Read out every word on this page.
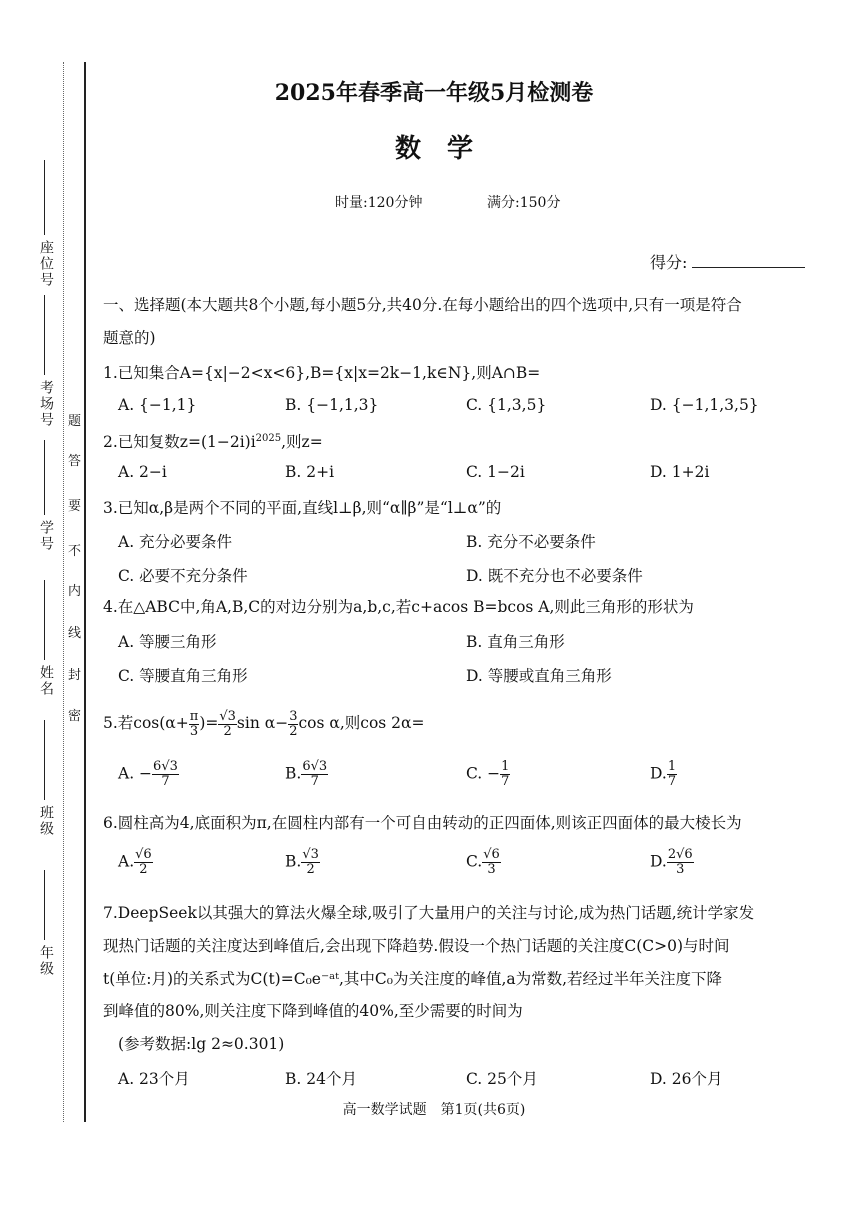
座位号
考场号
学号
姓名
班级
年级
题
答
要
不
内
线
封
密
2025年春季高一年级5月检测卷
数　学
时量:120分钟	满分:150分
得分:
一、选择题(本大题共8个小题,每小题5分,共40分.在每小题给出的四个选项中,只有一项是符合
题意的)
1.已知集合A={x|−2<x<6},B={x|x=2k−1,k∈N},则A∩B=
A. {−1,1}	B. {−1,1,3}	C. {1,3,5}	D. {−1,1,3,5}
2.已知复数$z=(1-2i)i^{2025}$,则z=
A. 2−i	B. 2+i	C. 1−2i	D. 1+2i
3.已知α,β是两个不同的平面,直线l⊥β,则“α∥β”是“l⊥α”的
A. 充分必要条件	B. 充分不必要条件
C. 必要不充分条件	D. 既不充分也不必要条件
4.在△ABC中,角A,B,C的对边分别为a,b,c,若c+acos B=bcos A,则此三角形的形状为
A. 等腰三角形	B. 直角三角形
C. 等腰直角三角形	D. 等腰或直角三角形
5.若$\cos(\alpha+ \frac{\pi}{3}$ )= $\frac{√3}{2}$ $\sin \alpha- \frac{3}{2}$ cos α,则cos 2α=
A. − $\frac{6√3}{7}$	B. $\frac{6√3}{7}$	C. − $\frac{1}{7}$	D. $\frac{1}{7}$
6.圆柱高为4,底面积为π,在圆柱内部有一个可自由转动的正四面体,则该正四面体的最大棱长为
A. $\frac{√6}{2}$	B. $\frac{√3}{2}$	C. $\frac{√6}{3}$	D. $\frac{2√6}{3}$
7.DeepSeek以其强大的算法火爆全球,吸引了大量用户的关注与讨论,成为热门话题,统计学家发
现热门话题的关注度达到峰值后,会出现下降趋势.假设一个热门话题的关注度C(C>0)与时间
t(单位:月)的关系式为C(t)=C₀e⁻ᵃᵗ,其中C₀为关注度的峰值,a为常数,若经过半年关注度下降
到峰值的80%,则关注度下降到峰值的40%,至少需要的时间为
(参考数据:lg 2≈0.301)
A. 23个月	B. 24个月	C. 25个月	D. 26个月
高一数学试题　第1页(共6页)
